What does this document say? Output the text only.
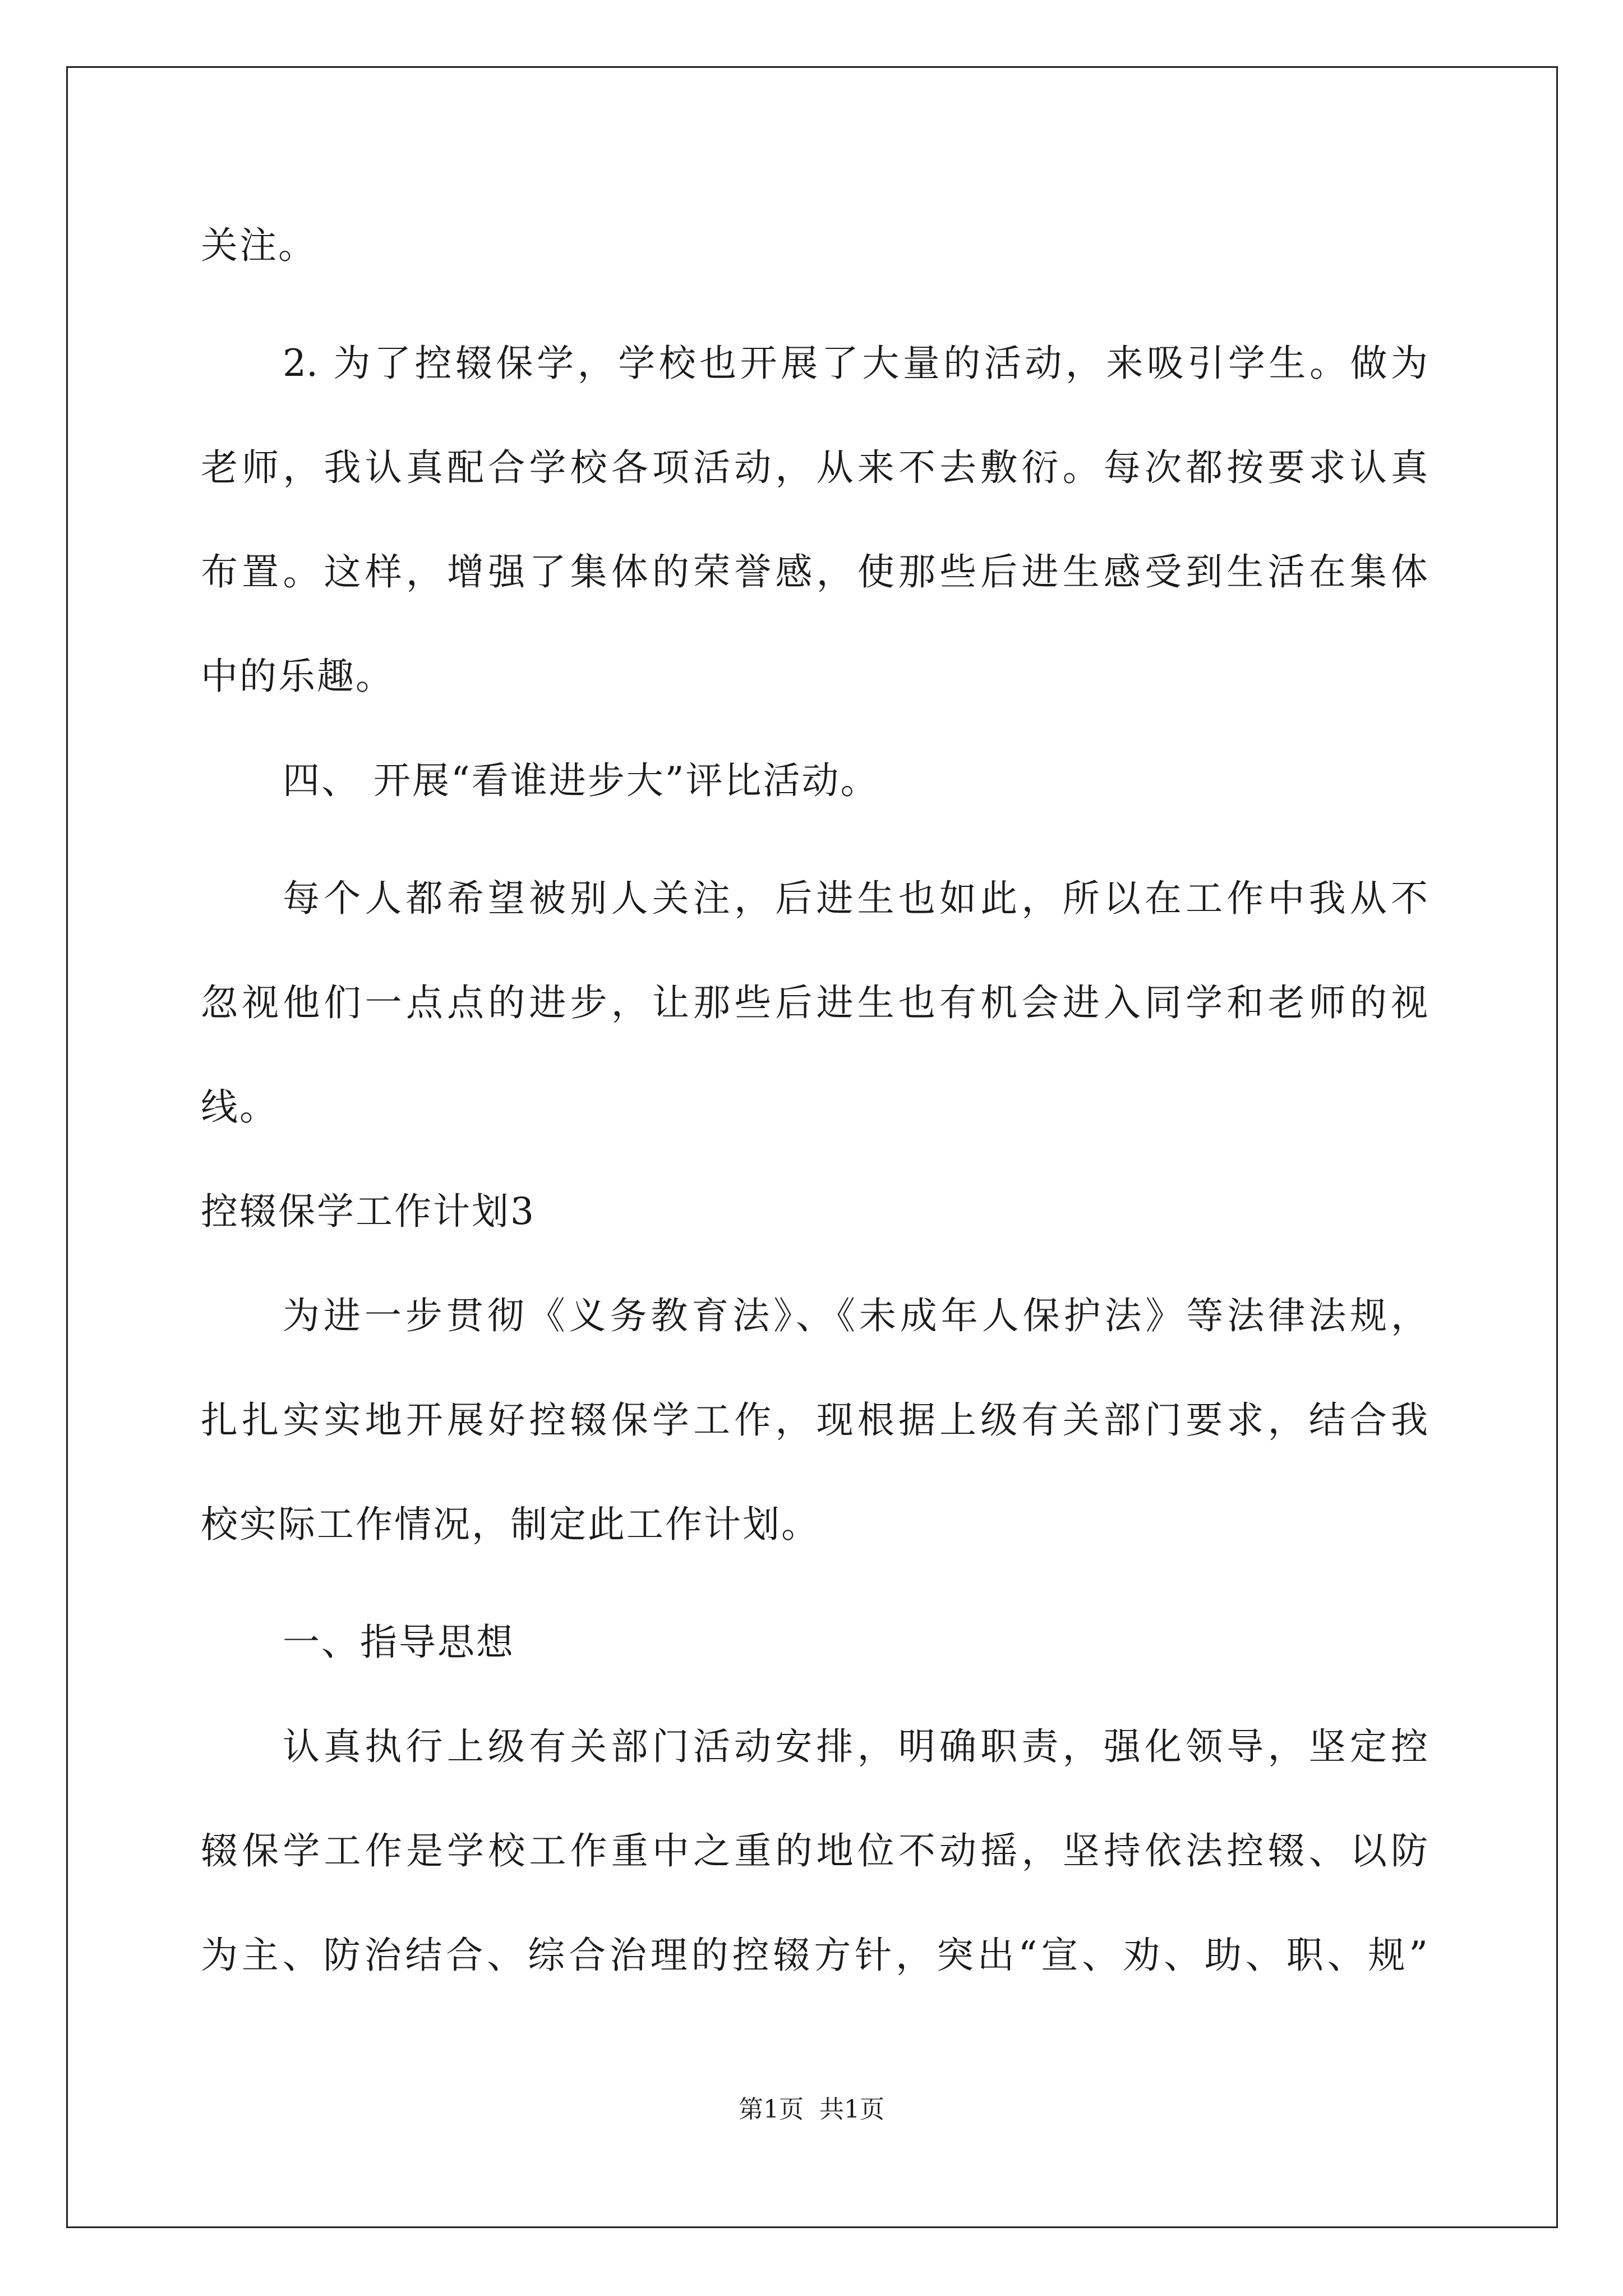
关注。
2. 为了控辍保学，学校也开展了大量的活动，来吸引学生。做为
老师，我认真配合学校各项活动，从来不去敷衍。每次都按要求认真
布置。这样，增强了集体的荣誉感，使那些后进生感受到生活在集体
中的乐趣。
四、 开展“看谁进步大”评比活动。
每个人都希望被别人关注，后进生也如此，所以在工作中我从不
忽视他们一点点的进步，让那些后进生也有机会进入同学和老师的视
线。
控辍保学工作计划3
为进一步贯彻《义务教育法》、《未成年人保护法》等法律法规，
扎扎实实地开展好控辍保学工作，现根据上级有关部门要求，结合我
校实际工作情况，制定此工作计划。
一、指导思想
认真执行上级有关部门活动安排，明确职责，强化领导，坚定控
辍保学工作是学校工作重中之重的地位不动摇，坚持依法控辍、以防
为主、防治结合、综合治理的控辍方针，突出“宣、劝、助、职、规”
第1页  共1页
